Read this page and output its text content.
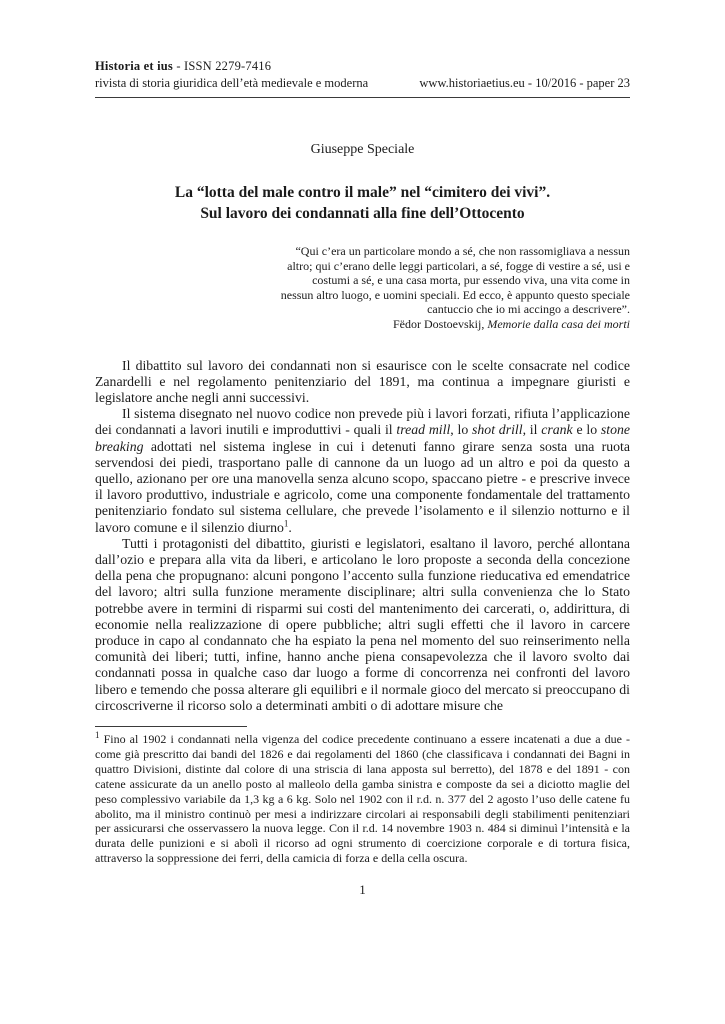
Historia et ius - ISSN 2279-7416
rivista di storia giuridica dell’età medievale e moderna	www.historiaetius.eu - 10/2016 - paper 23
Giuseppe Speciale
La “lotta del male contro il male” nel “cimitero dei vivi”.
Sul lavoro dei condannati alla fine dell’Ottocento
“Qui c’era un particolare mondo a sé, che non rassomigliava a nessun altro; qui c’erano delle leggi particolari, a sé, fogge di vestire a sé, usi e costumi a sé, e una casa morta, pur essendo viva, una vita come in nessun altro luogo, e uomini speciali. Ed ecco, è appunto questo speciale cantuccio che io mi accingo a descrivere”.
Fëdor Dostoevskij, Memorie dalla casa dei morti

Il dibattito sul lavoro dei condannati non si esaurisce con le scelte consacrate nel codice Zanardelli e nel regolamento penitenziario del 1891, ma continua a impegnare giuristi e legislatore anche negli anni successivi.

Il sistema disegnato nel nuovo codice non prevede più i lavori forzati, rifiuta l’applicazione dei condannati a lavori inutili e improduttivi - quali il tread mill, lo shot drill, il crank e lo stone breaking adottati nel sistema inglese in cui i detenuti fanno girare senza sosta una ruota servendosi dei piedi, trasportano palle di cannone da un luogo ad un altro e poi da questo a quello, azionano per ore una manovella senza alcuno scopo, spaccano pietre - e prescrive invece il lavoro produttivo, industriale e agricolo, come una componente fondamentale del trattamento penitenziario fondato sul sistema cellulare, che prevede l’isolamento e il silenzio notturno e il lavoro comune e il silenzio diurno$^1$.

Tutti i protagonisti del dibattito, giuristi e legislatori, esaltano il lavoro, perché allontana dall’ozio e prepara alla vita da liberi, e articolano le loro proposte a seconda della concezione della pena che propugnano: alcuni pongono l’accento sulla funzione rieducativa ed emendatrice del lavoro; altri sulla funzione meramente disciplinare; altri sulla convenienza che lo Stato potrebbe avere in termini di risparmi sui costi del mantenimento dei carcerati, o, addirittura, di economie nella realizzazione di opere pubbliche; altri sugli effetti che il lavoro in carcere produce in capo al condannato che ha espiato la pena nel momento del suo reinserimento nella comunità dei liberi; tutti, infine, hanno anche piena consapevolezza che il lavoro svolto dai condannati possa in qualche caso dar luogo a forme di concorrenza nei confronti del lavoro libero e temendo che possa alterare gli equilibri e il normale gioco del mercato si preoccupano di circoscriverne il ricorso solo a determinati ambiti o di adottare misure che

$^1$ Fino al 1902 i condannati nella vigenza del codice precedente continuano a essere incatenati a due a due - come già prescritto dai bandi del 1826 e dai regolamenti del 1860 (che classificava i condannati dei Bagni in quattro Divisioni, distinte dal colore di una striscia di lana apposta sul berretto), del 1878 e del 1891 - con catene assicurate da un anello posto al malleolo della gamba sinistra e composte da sei a diciotto maglie del peso complessivo variabile da 1,3 kg a 6 kg. Solo nel 1902 con il r.d. n. 377 del 2 agosto l’uso delle catene fu abolito, ma il ministro continuò per mesi a indirizzare circolari ai responsabili degli stabilimenti penitenziari per assicurarsi che osservassero la nuova legge. Con il r.d. 14 novembre 1903 n. 484 si diminuì l’intensità e la durata delle punizioni e si abolì il ricorso ad ogni strumento di coercizione corporale e di tortura fisica, attraverso la soppressione dei ferri, della camicia di forza e della cella oscura.

1
